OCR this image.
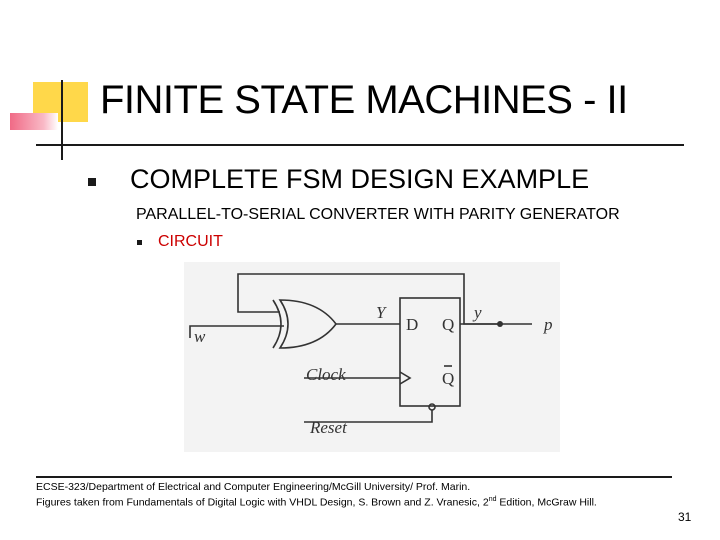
FINITE STATE MACHINES - II
COMPLETE FSM DESIGN EXAMPLE
PARALLEL-TO-SERIAL CONVERTER WITH PARITY GENERATOR
CIRCUIT
w
Y	y
p
Clock
Reset
D Q
Q
ECSE-323/Department of Electrical and Computer Engineering/McGill University/ Prof. Marin.
Figures taken from Fundamentals of Digital Logic with VHDL Design, S. Brown and Z. Vranesic, 2nd Edition, McGraw Hill.
31
